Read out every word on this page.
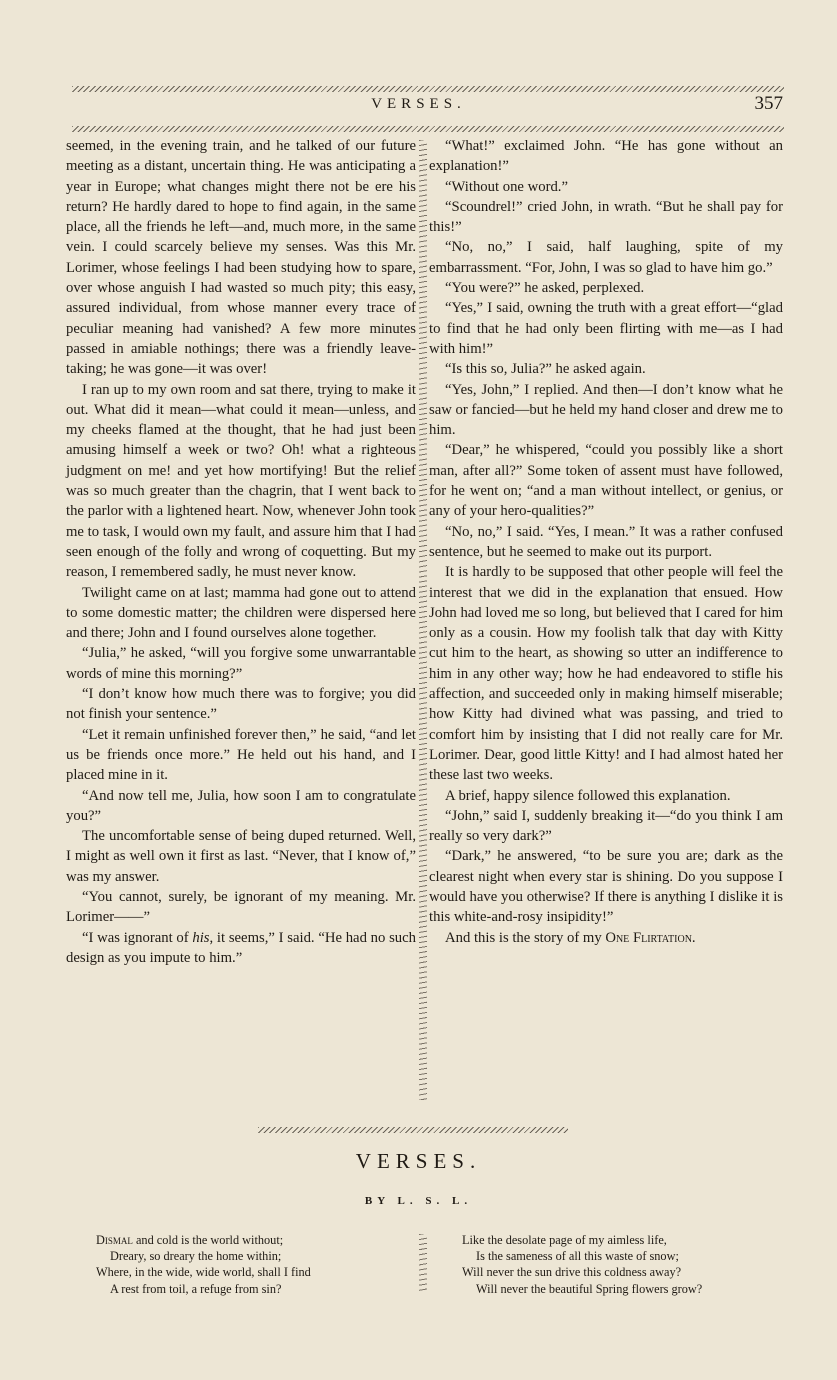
VERSES.	357

seemed, in the evening train, and he talked of our future meeting as a distant, uncertain thing. He was anticipating a year in Europe; what changes might there not be ere his return? He hardly dared to hope to find again, in the same place, all the friends he left—and, much more, in the same vein. I could scarcely believe my senses. Was this Mr. Lorimer, whose feelings I had been studying how to spare, over whose anguish I had wasted so much pity; this easy, assured individual, from whose manner every trace of peculiar meaning had vanished? A few more minutes passed in amiable nothings; there was a friendly leave-taking; he was gone—it was over!

I ran up to my own room and sat there, trying to make it out. What did it mean—what could it mean—unless, and my cheeks flamed at the thought, that he had just been amusing himself a week or two? Oh! what a righteous judgment on me! and yet how mortifying! But the relief was so much greater than the chagrin, that I went back to the parlor with a lightened heart. Now, whenever John took me to task, I would own my fault, and assure him that I had seen enough of the folly and wrong of coquetting. But my reason, I remembered sadly, he must never know.

Twilight came on at last; mamma had gone out to attend to some domestic matter; the children were dispersed here and there; John and I found ourselves alone together.

“Julia,” he asked, “will you forgive some unwarrantable words of mine this morning?”

“I don’t know how much there was to forgive; you did not finish your sentence.”

“Let it remain unfinished forever then,” he said, “and let us be friends once more.” He held out his hand, and I placed mine in it.

“And now tell me, Julia, how soon I am to congratulate you?”

The uncomfortable sense of being duped returned. Well, I might as well own it first as last. “Never, that I know of,” was my answer.

“You cannot, surely, be ignorant of my meaning. Mr. Lorimer——”

“I was ignorant of his, it seems,” I said. “He had no such design as you impute to him.”

“What!” exclaimed John. “He has gone without an explanation!”

“Without one word.”

“Scoundrel!” cried John, in wrath. “But he shall pay for this!”

“No, no,” I said, half laughing, spite of my embarrassment. “For, John, I was so glad to have him go.”

“You were?” he asked, perplexed.

“Yes,” I said, owning the truth with a great effort—“glad to find that he had only been flirting with me—as I had with him!”

“Is this so, Julia?” he asked again.

“Yes, John,” I replied. And then—I don’t know what he saw or fancied—but he held my hand closer and drew me to him.

“Dear,” he whispered, “could you possibly like a short man, after all?” Some token of assent must have followed, for he went on; “and a man without intellect, or genius, or any of your hero-qualities?”

“No, no,” I said. “Yes, I mean.” It was a rather confused sentence, but he seemed to make out its purport.

It is hardly to be supposed that other people will feel the interest that we did in the explanation that ensued. How John had loved me so long, but believed that I cared for him only as a cousin. How my foolish talk that day with Kitty cut him to the heart, as showing so utter an indifference to him in any other way; how he had endeavored to stifle his affection, and succeeded only in making himself miserable; how Kitty had divined what was passing, and tried to comfort him by insisting that I did not really care for Mr. Lorimer. Dear, good little Kitty! and I had almost hated her these last two weeks.

A brief, happy silence followed this explanation.

“John,” said I, suddenly breaking it—“do you think I am really so very dark?”

“Dark,” he answered, “to be sure you are; dark as the clearest night when every star is shining. Do you suppose I would have you otherwise? If there is anything I dislike it is this white-and-rosy insipidity!”

And this is the story of my One Flirtation.

VERSES.
BY L. S. L.
Dismal and cold is the world without;
Dreary, so dreary the home within;
Where, in the wide, wide world, shall I find
A rest from toil, a refuge from sin?
Like the desolate page of my aimless life,
Is the sameness of all this waste of snow;
Will never the sun drive this coldness away?
Will never the beautiful Spring flowers grow?
